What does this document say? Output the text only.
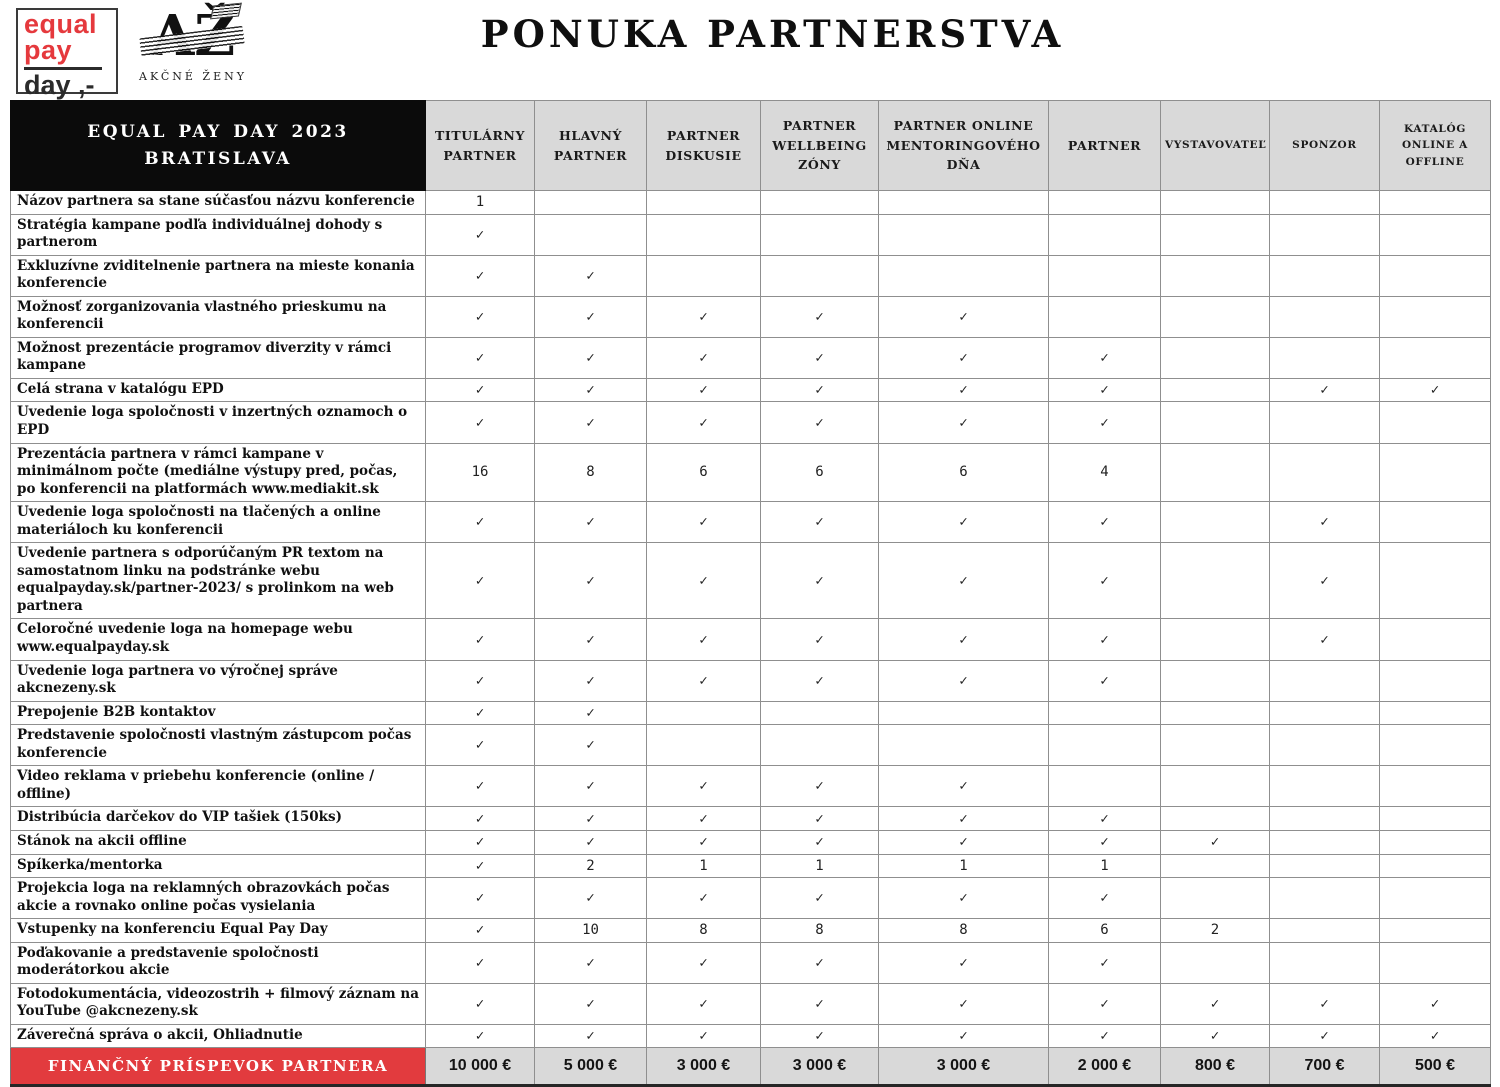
equal
pay
day ,-	AKČNÉ ŽENY
PONUKA PARTNERSTVA
EQUAL PAY DAY 2023 BRATISLAVA	TITULÁRNY PARTNER	HLAVNÝ PARTNER	PARTNER DISKUSIE	PARTNER WELLBEING ZÓNY	PARTNER ONLINE MENTORINGOVÉHO DŇA	PARTNER	VYSTAVOVATEĽ	SPONZOR	KATALÓG ONLINE A OFFLINE
Názov partnera sa stane súčasťou názvu konferencie	1								
Stratégia kampane podľa individuálnej dohody s partnerom	✓								
Exkluzívne zviditelnenie partnera na mieste konania konferencie	✓	✓							
Možnosť zorganizovania vlastného prieskumu na konferencii	✓	✓	✓	✓	✓				
Možnost prezentácie programov diverzity v rámci kampane	✓	✓	✓	✓	✓	✓			
Celá strana v katalógu EPD	✓	✓	✓	✓	✓	✓		✓	✓
Uvedenie loga spoločnosti v inzertných oznamoch o EPD	✓	✓	✓	✓	✓	✓			
Prezentácia partnera v rámci kampane v minimálnom počte (mediálne výstupy pred, počas, po konferencii na platformách www.mediakit.sk	16	8	6	6	6	4			
Uvedenie loga spoločnosti na tlačených a online materiáloch ku konferencii	✓	✓	✓	✓	✓	✓		✓	
Uvedenie partnera s odporúčaným PR textom na samostatnom linku na podstránke webu equalpayday.sk/partner-2023/ s prolinkom na web partnera	✓	✓	✓	✓	✓	✓		✓	
Celoročné uvedenie loga na homepage webu www.equalpayday.sk	✓	✓	✓	✓	✓	✓		✓	
Uvedenie loga partnera vo výročnej správe akcnezeny.sk	✓	✓	✓	✓	✓	✓			
Prepojenie B2B kontaktov	✓	✓							
Predstavenie spoločnosti vlastným zástupcom počas konferencie	✓	✓							
Video reklama v priebehu konferencie (online / offline)	✓	✓	✓	✓	✓				
Distribúcia darčekov do VIP tašiek (150ks)	✓	✓	✓	✓	✓	✓			
Stánok na akcii offline	✓	✓	✓	✓	✓	✓	✓		
Spíkerka/mentorka	✓	2	1	1	1	1			
Projekcia loga na reklamných obrazovkách počas akcie a rovnako online počas vysielania	✓	✓	✓	✓	✓	✓			
Vstupenky na konferenciu Equal Pay Day	✓	10	8	8	8	6	2		
Poďakovanie a predstavenie spoločnosti moderátorkou akcie	✓	✓	✓	✓	✓	✓			
Fotodokumentácia, videozostrih + filmový záznam na YouTube @akcnezeny.sk	✓	✓	✓	✓	✓	✓	✓	✓	✓
Záverečná správa o akcii, Ohliadnutie	✓	✓	✓	✓	✓	✓	✓	✓	✓
FINANČNÝ PRÍSPEVOK PARTNERA	10 000 €	5 000 €	3 000 €	3 000 €	3 000 €	2 000 €	800 €	700 €	500 €
